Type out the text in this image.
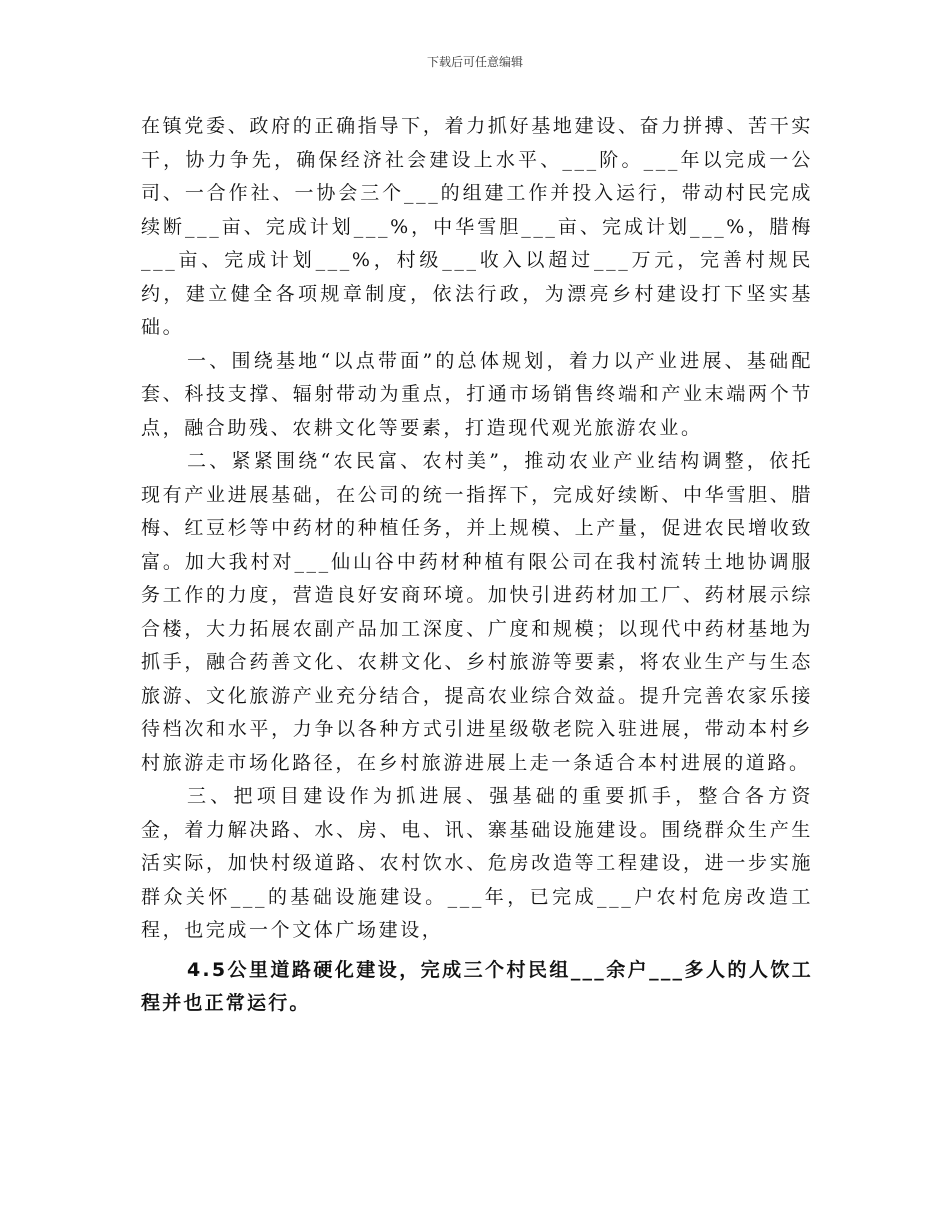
下载后可任意编辑

在镇党委、政府的正确指导下，着力抓好基地建设、奋力拼搏、苦干实干，协力争先，确保经济社会建设上水平、___阶。___年以完成一公司、一合作社、一协会三个___的组建工作并投入运行，带动村民完成续断___亩、完成计划___%，中华雪胆___亩、完成计划___%，腊梅___亩、完成计划___%，村级___收入以超过___万元，完善村规民约，建立健全各项规章制度，依法行政，为漂亮乡村建设打下坚实基础。

一、围绕基地“以点带面”的总体规划，着力以产业进展、基础配套、科技支撑、辐射带动为重点，打通市场销售终端和产业末端两个节点，融合助残、农耕文化等要素，打造现代观光旅游农业。

二、紧紧围绕“农民富、农村美”，推动农业产业结构调整，依托现有产业进展基础，在公司的统一指挥下，完成好续断、中华雪胆、腊梅、红豆杉等中药材的种植任务，并上规模、上产量，促进农民增收致富。加大我村对___仙山谷中药材种植有限公司在我村流转土地协调服务工作的力度，营造良好安商环境。加快引进药材加工厂、药材展示综合楼，大力拓展农副产品加工深度、广度和规模；以现代中药材基地为抓手，融合药善文化、农耕文化、乡村旅游等要素，将农业生产与生态旅游、文化旅游产业充分结合，提高农业综合效益。提升完善农家乐接待档次和水平，力争以各种方式引进星级敬老院入驻进展，带动本村乡村旅游走市场化路径，在乡村旅游进展上走一条适合本村进展的道路。

三、把项目建设作为抓进展、强基础的重要抓手，整合各方资金，着力解决路、水、房、电、讯、寨基础设施建设。围绕群众生产生活实际，加快村级道路、农村饮水、危房改造等工程建设，进一步实施群众关怀___的基础设施建设。___年，已完成___户农村危房改造工程，也完成一个文体广场建设，

4.5公里道路硬化建设，完成三个村民组___余户___多人的人饮工程并也正常运行。
